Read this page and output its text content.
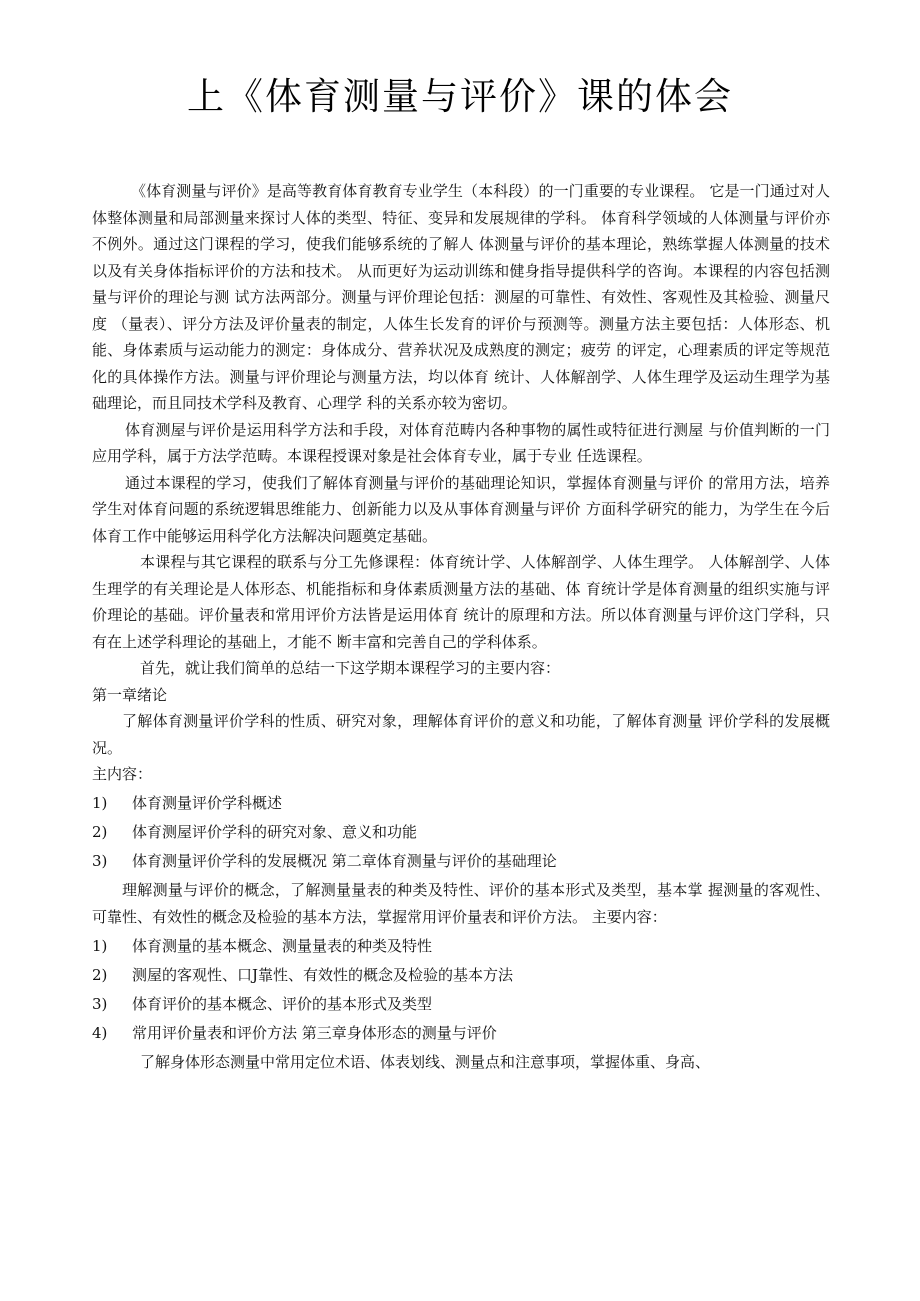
上《体育测量与评价》课的体会

《体育测量与评价》是高等教育体育教育专业学生（本科段）的一门重要的专业课程。 它是一门通过对人体整体测量和局部测量来探讨人体的类型、特征、变异和发展规律的学科。 体育科学领域的人体测量与评价亦不例外。通过这门课程的学习，使我们能够系统的了解人 体测量与评价的基本理论，熟练掌握人体测量的技术以及有关身体指标评价的方法和技术。 从而更好为运动训练和健身指导提供科学的咨询。本课程的内容包括测量与评价的理论与测 试方法两部分。测量与评价理论包括：测屋的可靠性、有效性、客观性及其检验、测量尺度 （量表）、评分方法及评价量表的制定，人体生长发育的评价与预测等。测量方法主要包括：人体形态、机能、身体素质与运动能力的测定：身体成分、营养状况及成熟度的测定；疲劳 的评定，心理素质的评定等规范化的具体操作方法。测量与评价理论与测量方法，均以体育 统计、人体解剖学、人体生理学及运动生理学为基础理论，而且同技术学科及教育、心理学 科的关系亦较为密切。

体育测屋与评价是运用科学方法和手段，对体育范畴内各种事物的属性或特征进行测屋 与价值判断的一门应用学科，属于方法学范畴。本课程授课对象是社会体育专业，属于专业 任选课程。

通过本课程的学习，使我们了解体育测量与评价的基础理论知识，掌握体育测量与评价 的常用方法，培养学生对体育问题的系统逻辑思维能力、创新能力以及从事体育测量与评价 方面科学研究的能力，为学生在今后体育工作中能够运用科学化方法解决问题奠定基础。

本课程与其它课程的联系与分工先修课程：体育统计学、人体解剖学、人体生理学。 人体解剖学、人体生理学的有关理论是人体形态、机能指标和身体素质测量方法的基础、体 育统计学是体育测量的组织实施与评价理论的基础。评价量表和常用评价方法皆是运用体育 统计的原理和方法。所以体育测量与评价这门学科，只有在上述学科理论的基础上，才能不 断丰富和完善自己的学科体系。

首先，就让我们简单的总结一下这学期本课程学习的主要内容：

第一章绪论

了解体育测量评价学科的性质、研究对象，理解体育评价的意义和功能，了解体育测量 评价学科的发展概况。

主内容：

1)	体育测量评价学科概述

2)	体育测屋评价学科的研究对象、意义和功能

3)	体育测量评价学科的发展概况 第二章体育测量与评价的基础理论

理解测量与评价的概念，了解测量量表的种类及特性、评价的基本形式及类型，基本掌 握测量的客观性、可靠性、有效性的概念及检验的基本方法，掌握常用评价量表和评价方法。 主要内容：

1)	体育测量的基本概念、测量量表的种类及特性

2)	测屋的客观性、口J靠性、有效性的概念及检验的基本方法

3)	体育评价的基本概念、评价的基本形式及类型

4)	常用评价量表和评价方法 第三章身体形态的测量与评价

了解身体形态测量中常用定位术语、体表划线、测量点和注意事项，掌握体重、身高、
